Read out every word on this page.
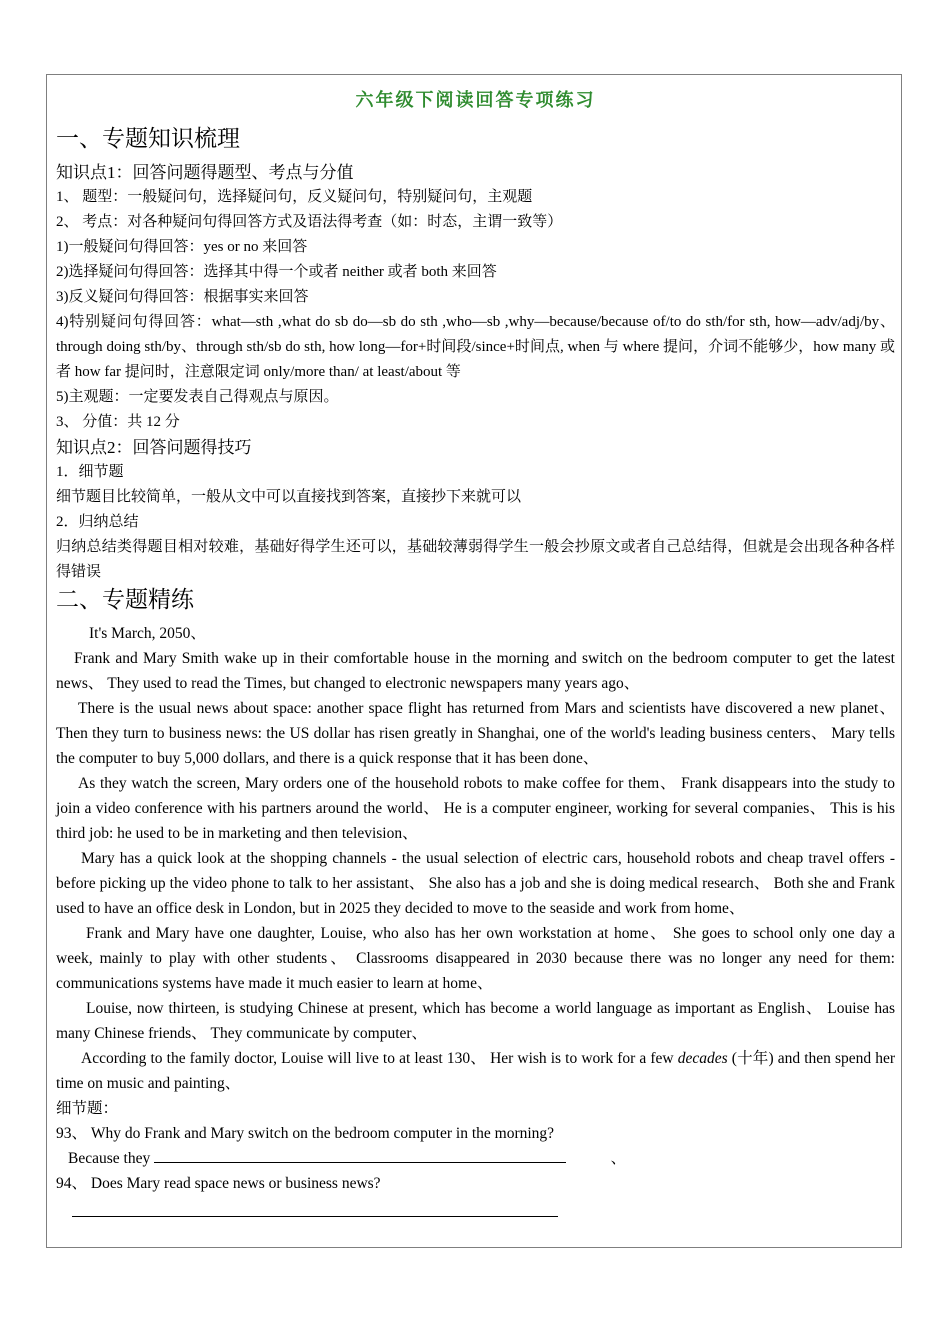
六年级下阅读回答专项练习

一、专题知识梳理

知识点1：回答问题得题型、考点与分值

1、 题型：一般疑问句，选择疑问句，反义疑问句，特别疑问句，主观题

2、 考点：对各种疑问句得回答方式及语法得考查（如：时态，主谓一致等）

1)一般疑问句得回答：yes or no 来回答

2)选择疑问句得回答：选择其中得一个或者 neither 或者 both 来回答

3)反义疑问句得回答：根据事实来回答

4)特别疑问句得回答：what—sth ,what do sb do—sb do sth ,who—sb ,why—because/because of/to do sth/for sth, how—adv/adj/by、through doing sth/by、through sth/sb do sth, how long—for+时间段/since+时间点, when 与 where 提问，介词不能够少，how many 或者 how far 提问时，注意限定词 only/more than/ at least/about 等

5)主观题：一定要发表自己得观点与原因。

3、 分值：共 12 分

知识点2：回答问题得技巧

1．细节题

细节题目比较简单，一般从文中可以直接找到答案，直接抄下来就可以

2．归纳总结

归纳总结类得题目相对较难，基础好得学生还可以，基础较薄弱得学生一般会抄原文或者自己总结得，但就是会出现各种各样得错误

二、专题精练

It's March, 2050、

Frank and Mary Smith wake up in their comfortable house in the morning and switch on the bedroom computer to get the latest news、 They used to read the Times, but changed to electronic newspapers many years ago、

There is the usual news about space: another space flight has returned from Mars and scientists have discovered a new planet、 Then they turn to business news: the US dollar has risen greatly in Shanghai, one of the world's leading business centers、 Mary tells the computer to buy 5,000 dollars, and there is a quick response that it has been done、

As they watch the screen, Mary orders one of the household robots to make coffee for them、 Frank disappears into the study to join a video conference with his partners around the world、 He is a computer engineer, working for several companies、 This is his third job: he used to be in marketing and then television、

Mary has a quick look at the shopping channels - the usual selection of electric cars, household robots and cheap travel offers - before picking up the video phone to talk to her assistant、 She also has a job and she is doing medical research、 Both she and Frank used to have an office desk in London, but in 2025 they decided to move to the seaside and work from home、

Frank and Mary have one daughter, Louise, who also has her own workstation at home、 She goes to school only one day a week, mainly to play with other students、 Classrooms disappeared in 2030 because there was no longer any need for them: communications systems have made it much easier to learn at home、

Louise, now thirteen, is studying Chinese at present, which has become a world language as important as English、 Louise has many Chinese friends、 They communicate by computer、

According to the family doctor, Louise will live to at least 130、 Her wish is to work for a few decades (十年) and then spend her time on music and painting、

细节题：

93、 Why do Frank and Mary switch on the bedroom computer in the morning?

Because they	、

94、 Does Mary read space news or business news?
